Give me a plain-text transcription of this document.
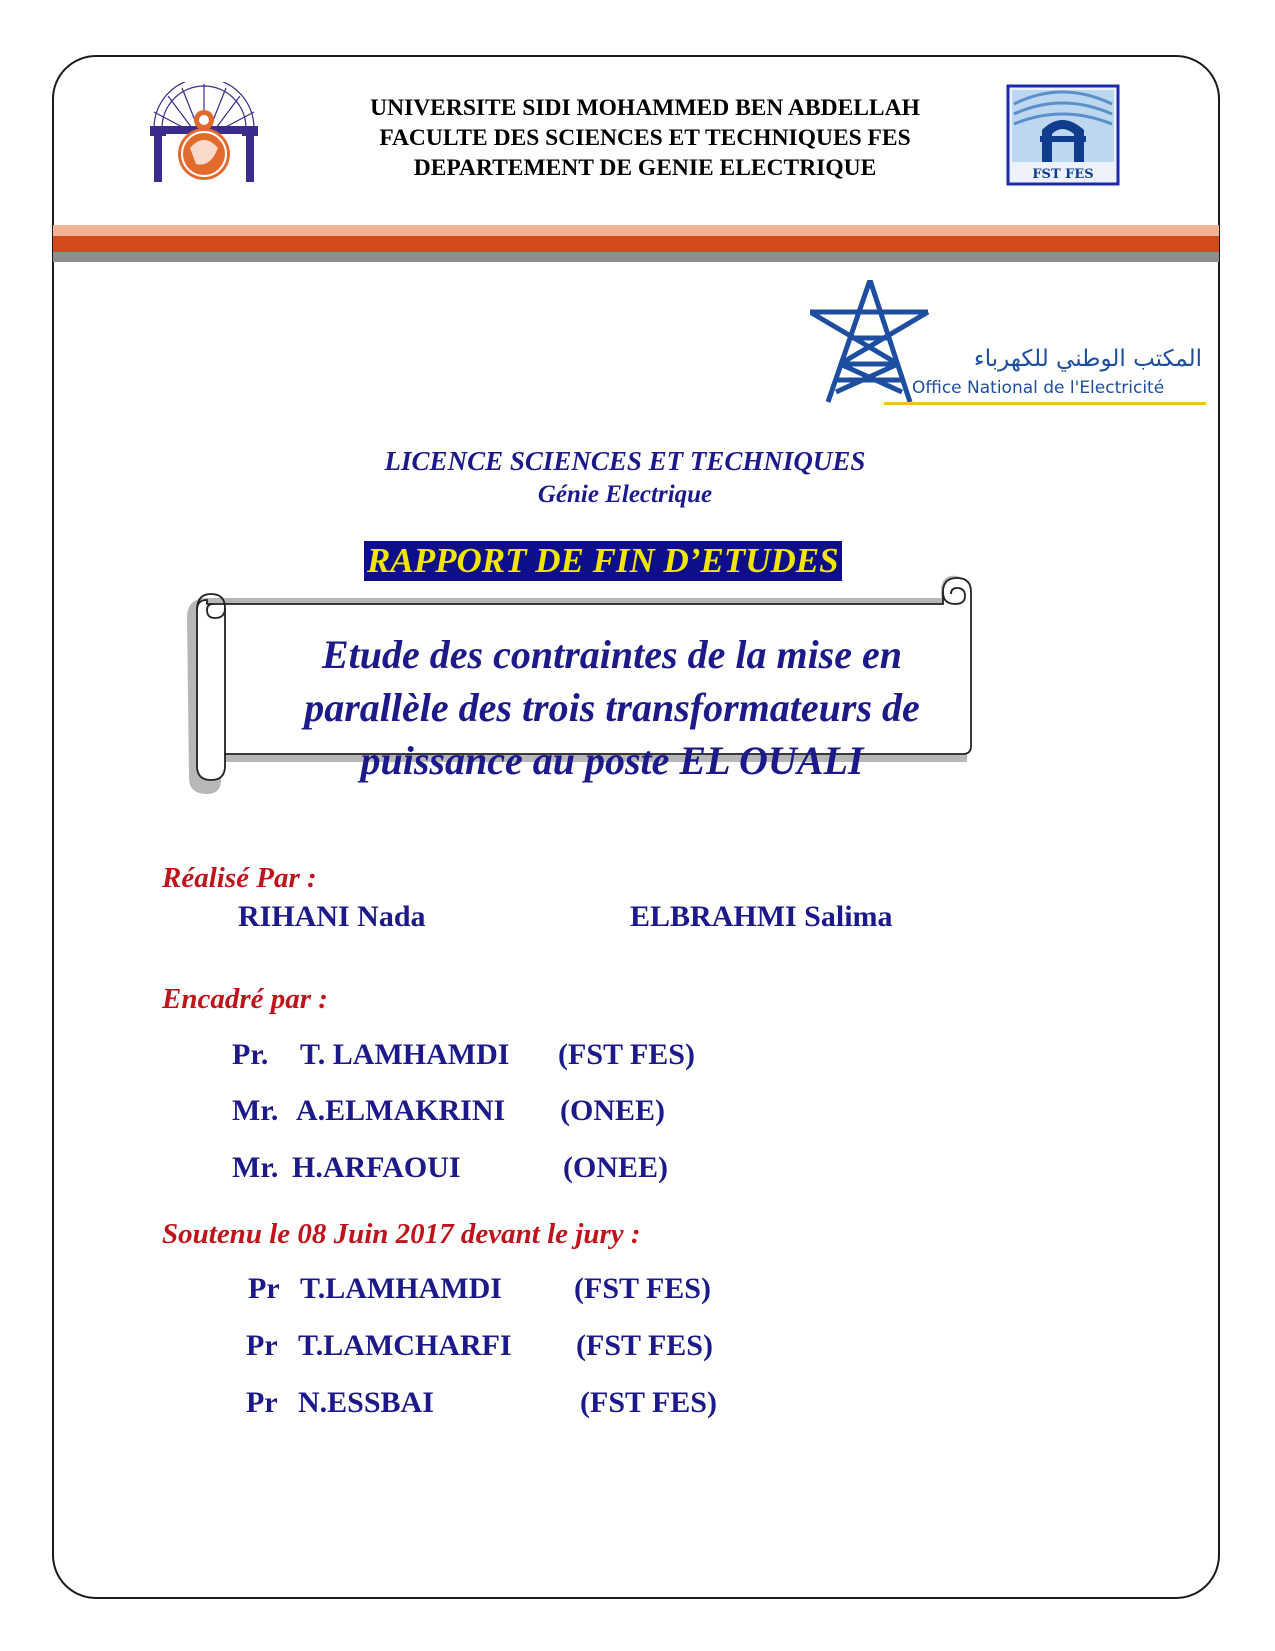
FST FES
المكتب الوطني للكهرباء
Office National de l'Electricité
UNIVERSITE SIDI MOHAMMED BEN ABDELLAH
FACULTE DES SCIENCES ET TECHNIQUES FES
DEPARTEMENT DE GENIE ELECTRIQUE
LICENCE SCIENCES ET TECHNIQUES
Génie Electrique
RAPPORT DE FIN D’ETUDES
Etude des contraintes de la mise en
parallèle des trois transformateurs de
puissance au poste EL OUALI
Réalisé Par :
RIHANI Nada	ELBRAHMI Salima
Encadré par :
Pr. T. LAMHAMDI (FST FES)
Mr. A.ELMAKRINI (ONEE)
Mr. H.ARFAOUI	(ONEE)
Soutenu le 08 Juin 2017 devant le jury :
Pr T.LAMHAMDI (FST FES)
Pr T.LAMCHARFI (FST FES)
Pr N.ESSBAI	(FST FES)
